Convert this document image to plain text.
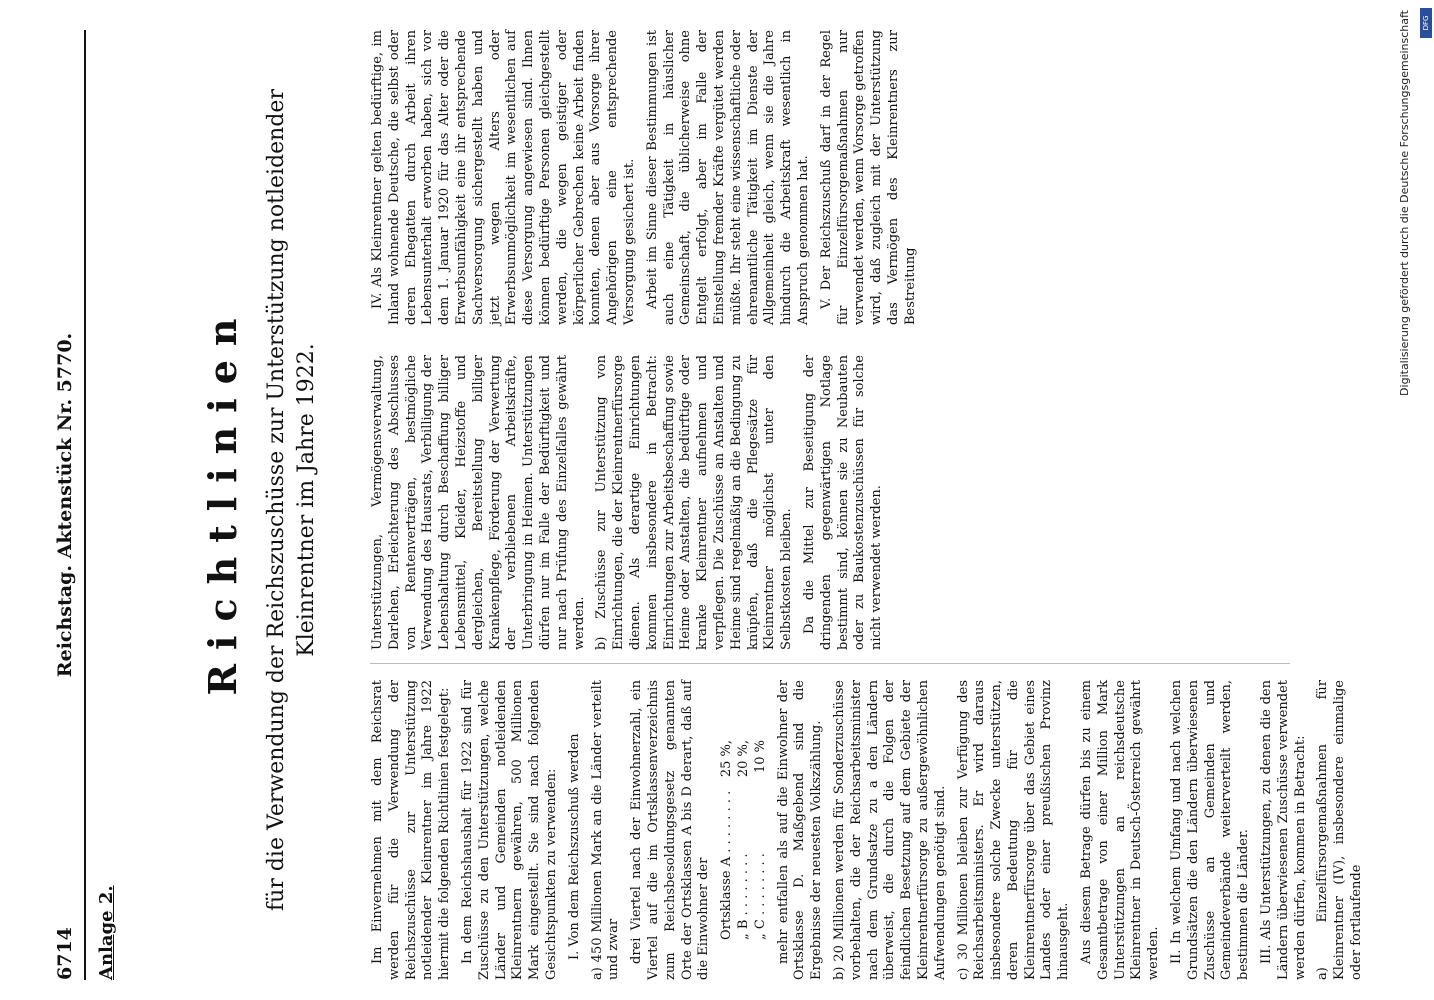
6714
Reichstag. Aktenstück Nr. 5770.
Anlage 2.
Richtlinien für die Verwendung der Reichszuschüsse zur Unterstützung notleidender Kleinrentner im Jahre 1922.

Im Einvernehmen mit dem Reichsrat werden für die Verwendung der Reichszuschüsse zur Unterstützung notleidender Kleinrentner im Jahre 1922 hiermit die folgenden Richtlinien festgelegt: In dem Reichshaushalt für 1922 sind für Zuschüsse zu den Unterstützungen, welche Länder und Gemeinden notleidenden Kleinrentnern gewähren, 500 Millionen Mark eingestellt. Sie sind nach folgenden Gesichtspunkten zu verwenden: I. Von dem Reichszuschuß werden a) 450 Millionen Mark an die Länder verteilt und zwar drei Viertel nach der Einwohnerzahl, ein Viertel auf die im Ortsklassenverzeichnis zum Reichsbesoldungsgesetz genannten Orte der Ortsklassen A bis D derart, daß auf die Einwohner der Ortsklasse A . . . . . . . .
25 %,
„ B . . . . . . . .
20 %,
„ C . . . . . . . .
10 % mehr entfallen als auf die Einwohner der Ortsklasse D. Maßgebend sind die Ergebnisse der neuesten Volkszählung. b) 20 Millionen werden für Sonderzuschüsse vorbehalten, die der Reichsarbeitsminister nach dem Grundsatze zu a den Ländern überweist, die durch die Folgen der feindlichen Besetzung auf dem Gebiete der Kleinrentnerfürsorge zu außergewöhnlichen Aufwendungen genötigt sind. c) 30 Millionen bleiben zur Verfügung des Reichsarbeitsministers. Er wird daraus insbesondere solche Zwecke unterstützen, deren Bedeutung für die Kleinrentnerfürsorge über das Gebiet eines Landes oder einer preußischen Provinz hinausgeht. Aus diesem Betrage dürfen bis zu einem Gesamtbetrage von einer Million Mark Unterstützungen an reichsdeutsche Kleinrentner in Deutsch-Österreich gewährt werden. II. In welchem Umfang und nach welchen Grundsätzen die den Ländern überwiesenen Zuschüsse an Gemeinden und Gemeindeverbände weiterverteilt werden, bestimmen die Länder. III. Als Unterstützungen, zu denen die den Ländern überwiesenen Zuschüsse verwendet werden dürfen, kommen in Betracht: a) Einzelfürsorgemaßnahmen für Kleinrentner (IV), insbesondere einmalige oder fortlaufende

Unterstützungen, Vermögensverwaltung, Darlehen, Erleichterung des Abschlusses von Rentenverträgen, bestmögliche Verwendung des Hausrats, Verbilligung der Lebenshaltung durch Beschaffung billiger Lebensmittel, Kleider, Heizstoffe und dergleichen, Bereitstellung billiger Krankenpflege, Förderung der Verwertung der verbliebenen Arbeitskräfte, Unterbringung in Heimen. Unterstützungen dürfen nur im Falle der Bedürftigkeit und nur nach Prüfung des Einzelfalles gewährt werden. b) Zuschüsse zur Unterstützung von Einrichtungen, die der Kleinrentnerfürsorge dienen. Als derartige Einrichtungen kommen insbesondere in Betracht: Einrichtungen zur Arbeitsbeschaffung sowie Heime oder Anstalten, die bedürftige oder kranke Kleinrentner aufnehmen und verpflegen. Die Zuschüsse an Anstalten und Heime sind regelmäßig an die Bedingung zu knüpfen, daß die Pflegesätze für Kleinrentner möglichst unter den Selbstkosten bleiben. Da die Mittel zur Beseitigung der dringenden gegenwärtigen Notlage bestimmt sind, können sie zu Neubauten oder zu Baukostenzuschüssen für solche nicht verwendet werden.

IV. Als Kleinrentner gelten bedürftige, im Inland wohnende Deutsche, die selbst oder deren Ehegatten durch Arbeit ihren Lebensunterhalt erworben haben, sich vor dem 1. Januar 1920 für das Alter oder die Erwerbsunfähigkeit eine ihr entsprechende Sachversorgung sichergestellt haben und jetzt wegen Alters oder Erwerbsunmöglichkeit im wesentlichen auf diese Versorgung angewiesen sind. Ihnen können bedürftige Personen gleichgestellt werden, die wegen geistiger oder körperlicher Gebrechen keine Arbeit finden konnten, denen aber aus Vorsorge ihrer Angehörigen eine entsprechende Versorgung gesichert ist. Arbeit im Sinne dieser Bestimmungen ist auch eine Tätigkeit in häuslicher Gemeinschaft, die üblicherweise ohne Entgelt erfolgt, aber im Falle der Einstellung fremder Kräfte vergütet werden müßte. Ihr steht eine wissenschaftliche oder ehrenamtliche Tätigkeit im Dienste der Allgemeinheit gleich, wenn sie die Jahre hindurch die Arbeitskraft wesentlich in Anspruch genommen hat. V. Der Reichszuschuß darf in der Regel für Einzelfürsorgemaßnahmen nur verwendet werden, wenn Vorsorge getroffen wird, daß zugleich mit der Unterstützung das Vermögen des Kleinrentners zur Bestreitung	Digitalisierung gefördert durch die Deutsche Forschungsgemeinschaft	DFG
